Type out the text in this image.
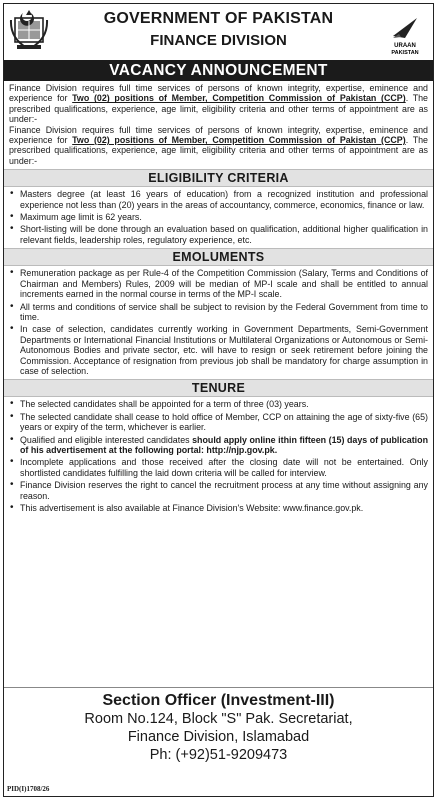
GOVERNMENT OF PAKISTAN
FINANCE DIVISION	URAAN
PAKISTAN
VACANCY ANNOUNCEMENT

Finance Division requires full time services of persons of known integrity, expertise, eminence and experience for Two (02) positions of Member, Competition Commission of Pakistan (CCP). The prescribed qualifications, experience, age limit, eligibility criteria and other terms of appointment are as under:-

Finance Division requires full time services of persons of known integrity, expertise, eminence and experience for Two (02) positions of Member, Competition Commission of Pakistan (CCP). The prescribed qualifications, experience, age limit, eligibility criteria and other terms of appointment are as under:-

ELIGIBILITY CRITERIA
• Masters degree (at least 16 years of education) from a recognized institution and professional experience not less than (20) years in the areas of accountancy, commerce, economics, finance or law.
• Maximum age limit is 62 years.
• Short-listing will be done through an evaluation based on qualification, additional higher qualification in relevant fields, leadership roles, regulatory experience, etc.
EMOLUMENTS
• Remuneration package as per Rule-4 of the Competition Commission (Salary, Terms and Conditions of Chairman and Members) Rules, 2009 will be median of MP-I scale and shall be entitled to annual increments earned in the normal course in terms of the MP-I scale.
• All terms and conditions of service shall be subject to revision by the Federal Government from time to time.
• In case of selection, candidates currently working in Government Departments, Semi-Government Departments or International Financial Institutions or Multilateral Organizations or Autonomous or Semi-Autonomous Bodies and private sector, etc. will have to resign or seek retirement before joining the Commission. Acceptance of resignation from previous job shall be mandatory for charge assumption in case of selection.
TENURE
• The selected candidates shall be appointed for a term of three (03) years.
• The selected candidate shall cease to hold office of Member, CCP on attaining the age of sixty-five (65) years or expiry of the term, whichever is earlier.
• Qualified and eligible interested candidates should apply online ithin fifteen (15) days of publication of his advertisement at the following portal: http://njp.gov.pk.
• Incomplete applications and those received after the closing date will not be entertained. Only shortlisted candidates fulfilling the laid down criteria will be called for interview.
• Finance Division reserves the right to cancel the recruitment process at any time without assigning any reason.
• This advertisement is also available at Finance Division's Website: www.finance.gov.pk.
Section Officer (Investment-III)
Room No.124, Block "S" Pak. Secretariat,
Finance Division, Islamabad
Ph: (+92)51-9209473
PID(I)1708/26
